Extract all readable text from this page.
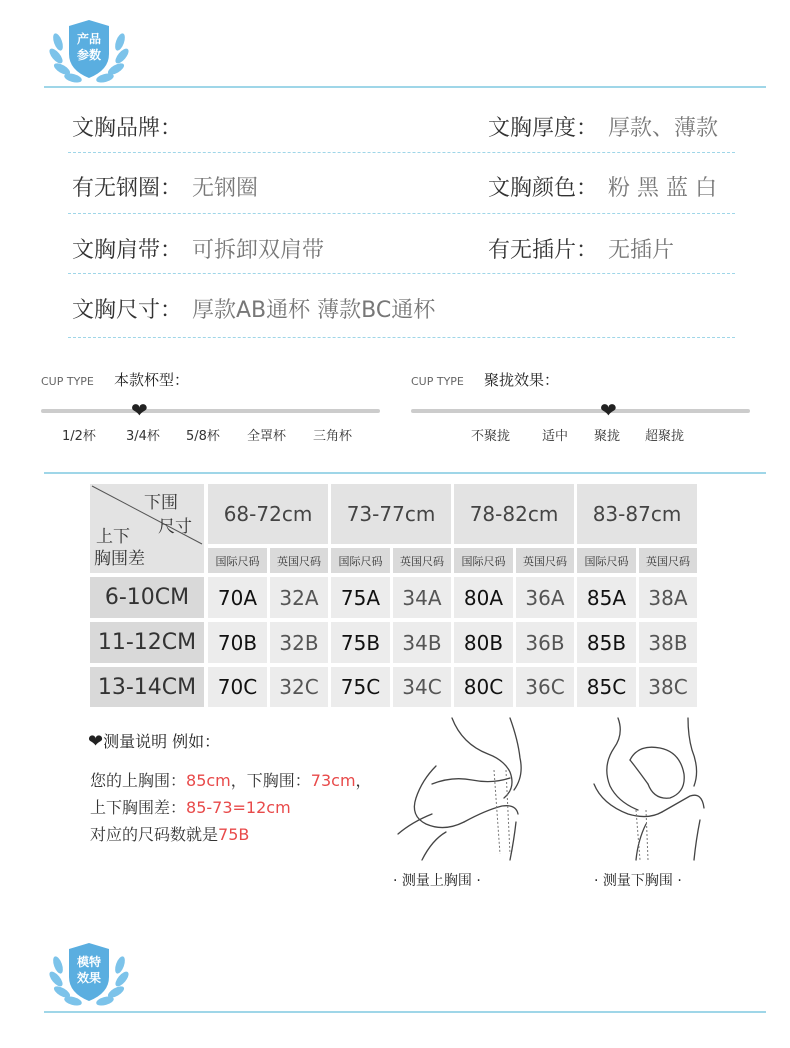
产品
参数
文胸品牌：	文胸厚度： 厚款、薄款
有无钢圈： 无钢圈	文胸颜色： 粉 黑 蓝 白
文胸肩带： 可拆卸双肩带	有无插片： 无插片
文胸尺寸： 厚款AB通杯 薄款BC通杯
CUP TYPE 本款杯型：
❤
1/2杯 3/4杯 5/8杯 全罩杯 三角杯
CUP TYPE 聚拢效果：
❤
不聚拢 适中 聚拢 超聚拢
下围
尺寸
上下
胸围差
68-72cm	73-77cm	78-82cm	83-87cm
国际尺码	英国尺码	国际尺码	英国尺码	国际尺码	英国尺码	国际尺码	英国尺码
6-10CM	70A	32A	75A	34A	80A	36A	85A	38A
11-12CM	70B	32B	75B	34B	80B	36B	85B	38B
13-14CM	70C	32C	75C	34C	80C	36C	85C	38C
❤测量说明 例如：
您的上胸围：85cm，下胸围：73cm，
上下胸围差：85-73=12cm
对应的尺码数就是75B
· 测量上胸围 ·	· 测量下胸围 ·
模特
效果
